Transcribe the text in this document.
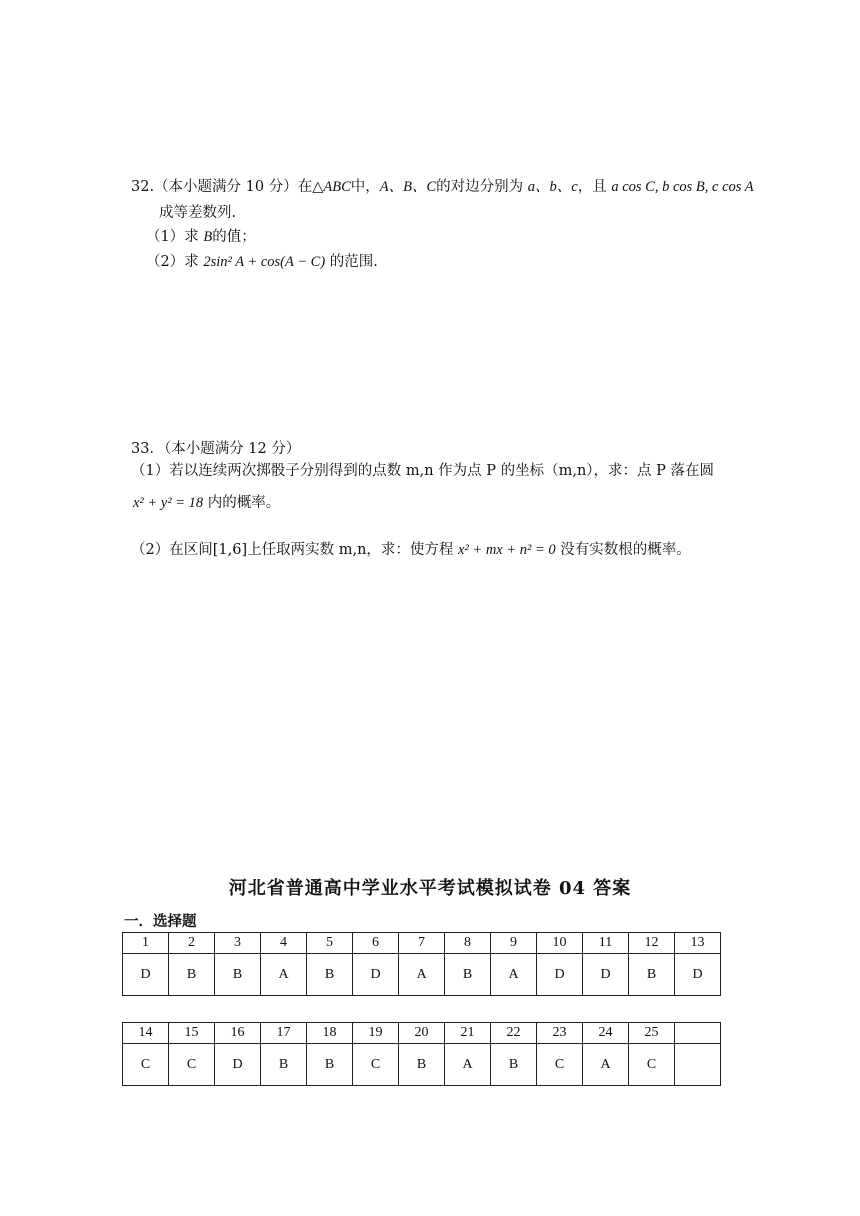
32.（本小题满分 10 分）在△ABC中，A、B、C的对边分别为 a、b、c，且 a cos C, b cos B, c cos A
成等差数列.
（1）求 B的值；
（2）求 2sin² A + cos(A − C) 的范围.
33．（本小题满分 12 分）
（1）若以连续两次掷骰子分别得到的点数 m,n 作为点 P 的坐标（m,n），求：点 P 落在圆
x² + y² = 18 内的概率。
（2）在区间[1,6]上任取两实数 m,n，求：使方程 x² + mx + n² = 0 没有实数根的概率。
河北省普通高中学业水平考试模拟试卷 04 答案
一．选择题
1	2	3	4	5	6	7	8	9	10	11	12	13
D	B	B	A	B	D	A	B	A	D	D	B	D
14	15	16	17	18	19	20	21	22	23	24	25	
C	C	D	B	B	C	B	A	B	C	A	C	
